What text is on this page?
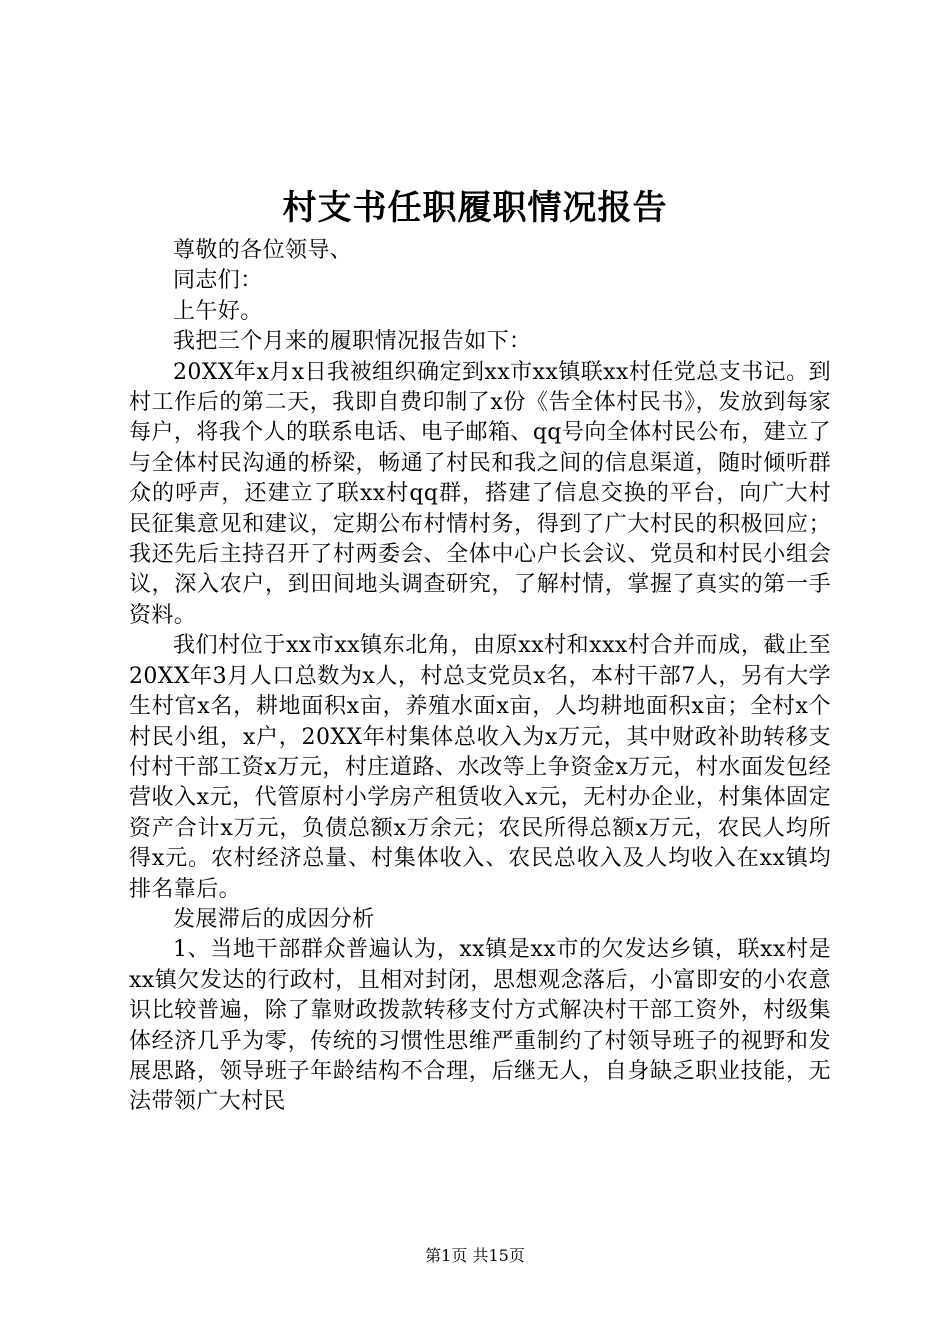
村支书任职履职情况报告

尊敬的各位领导、

同志们：

上午好。

我把三个月来的履职情况报告如下：

20XX年x月x日我被组织确定到xx市xx镇联xx村任党总支书记。到村工作后的第二天，我即自费印制了x份《告全体村民书》，发放到每家每户，将我个人的联系电话、电子邮箱、qq号向全体村民公布，建立了与全体村民沟通的桥梁，畅通了村民和我之间的信息渠道，随时倾听群众的呼声，还建立了联xx村qq群，搭建了信息交换的平台，向广大村民征集意见和建议，定期公布村情村务，得到了广大村民的积极回应；我还先后主持召开了村两委会、全体中心户长会议、党员和村民小组会议，深入农户，到田间地头调查研究，了解村情，掌握了真实的第一手资料。

我们村位于xx市xx镇东北角，由原xx村和xxx村合并而成，截止至20XX年3月人口总数为x人，村总支党员x名，本村干部7人，另有大学生村官x名，耕地面积x亩，养殖水面x亩，人均耕地面积x亩；全村x个村民小组，x户，20XX年村集体总收入为x万元，其中财政补助转移支付村干部工资x万元，村庄道路、水改等上争资金x万元，村水面发包经营收入x元，代管原村小学房产租赁收入x元，无村办企业，村集体固定资产合计x万元，负债总额x万余元；农民所得总额x万元，农民人均所得x元。农村经济总量、村集体收入、农民总收入及人均收入在xx镇均排名靠后。

发展滞后的成因分析

1、当地干部群众普遍认为，xx镇是xx市的欠发达乡镇，联xx村是xx镇欠发达的行政村，且相对封闭，思想观念落后，小富即安的小农意识比较普遍，除了靠财政拨款转移支付方式解决村干部工资外，村级集体经济几乎为零，传统的习惯性思维严重制约了村领导班子的视野和发展思路，领导班子年龄结构不合理，后继无人，自身缺乏职业技能，无法带领广大村民

第1页 共15页
